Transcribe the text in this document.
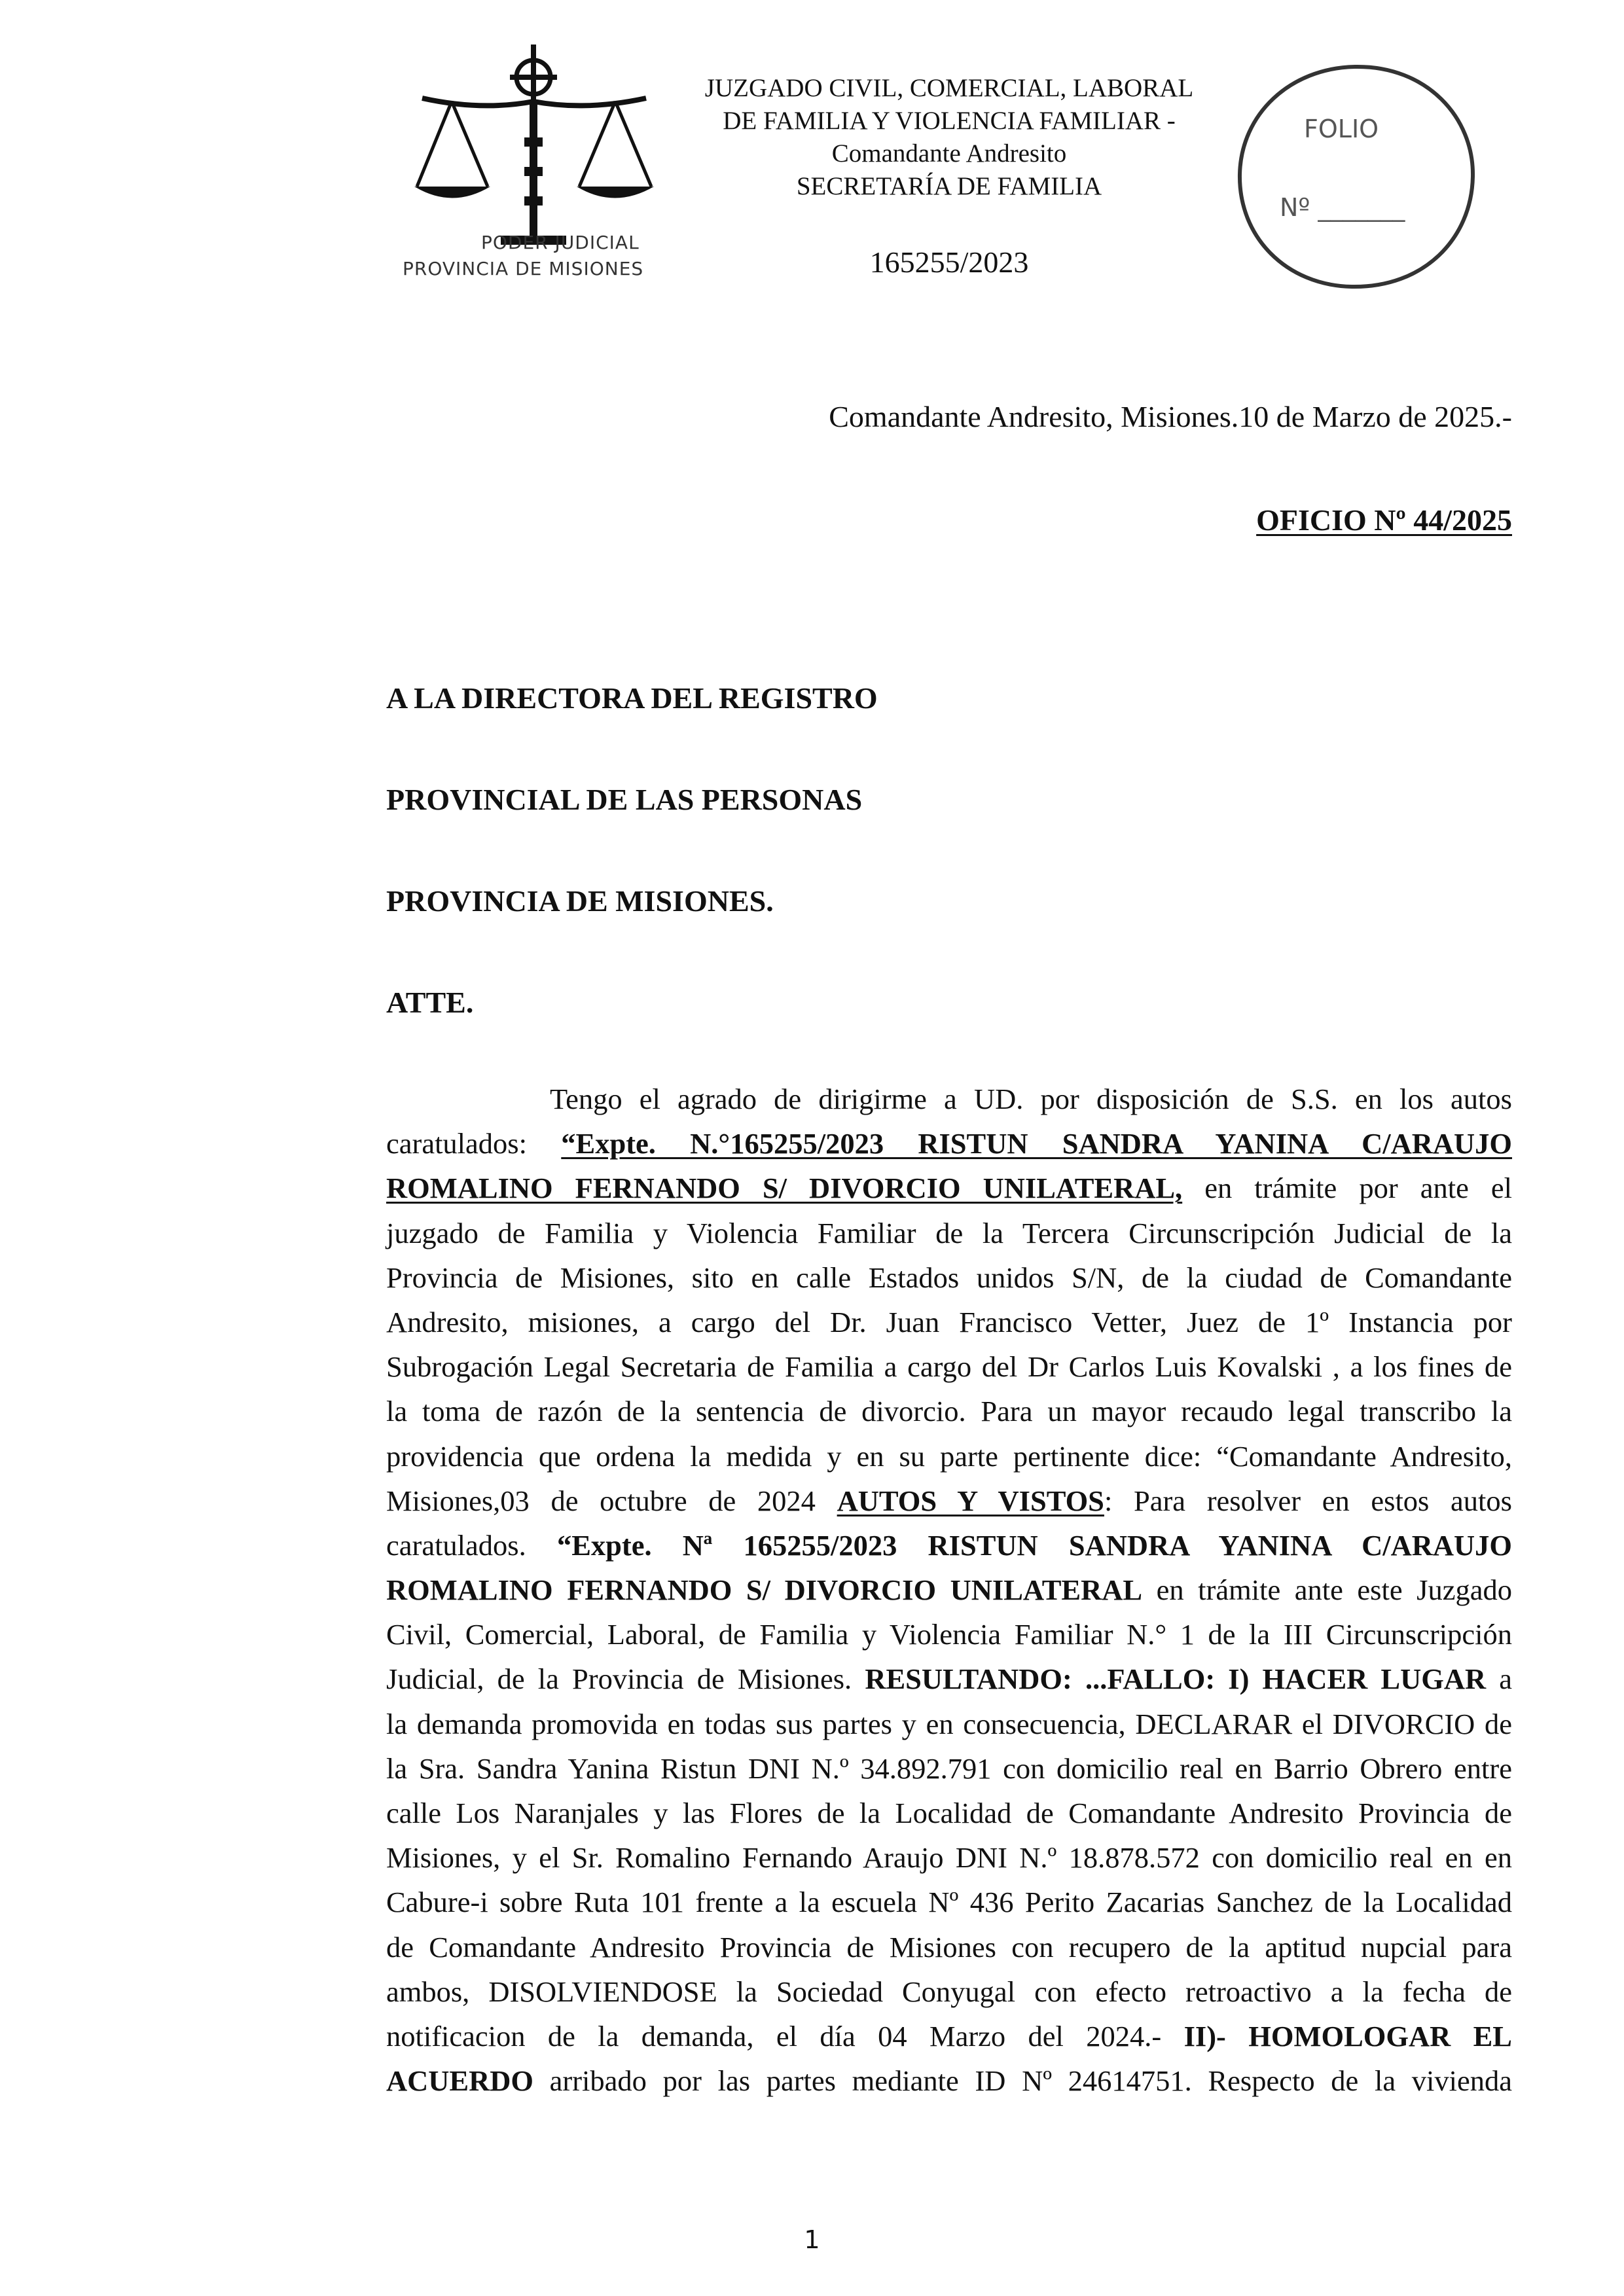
PODER JUDICIAL
PROVINCIA DE MISIONES
JUZGADO CIVIL, COMERCIAL, LABORAL
DE FAMILIA Y VIOLENCIA FAMILIAR -
Comandante Andresito
SECRETARÍA DE FAMILIA
165255/2023
FOLIO
Nº _______
Comandante Andresito, Misiones.10 de Marzo de 2025.-
OFICIO Nº 44/2025
A LA DIRECTORA DEL REGISTRO
PROVINCIAL DE LAS PERSONAS
PROVINCIA DE MISIONES.
ATTE.
Tengo el agrado de dirigirme a UD. por disposición de S.S. en los autos
caratulados: “Expte. N.°165255/2023 RISTUN SANDRA YANINA C/ARAUJO
ROMALINO FERNANDO S/ DIVORCIO UNILATERAL, en trámite por ante el
juzgado de Familia y Violencia Familiar de la Tercera Circunscripción Judicial de la
Provincia de Misiones, sito en calle Estados unidos S/N, de la ciudad de Comandante
Andresito, misiones, a cargo del Dr. Juan Francisco Vetter, Juez de 1º Instancia por
Subrogación Legal Secretaria de Familia a cargo del Dr Carlos Luis Kovalski , a los fines de
la toma de razón de la sentencia de divorcio. Para un mayor recaudo legal transcribo la
providencia que ordena la medida y en su parte pertinente dice: “Comandante Andresito,
Misiones,03 de octubre de 2024 AUTOS Y VISTOS: Para resolver en estos autos
caratulados. “Expte. Nª 165255/2023 RISTUN SANDRA YANINA C/ARAUJO
ROMALINO FERNANDO S/ DIVORCIO UNILATERAL en trámite ante este Juzgado
Civil, Comercial, Laboral, de Familia y Violencia Familiar N.° 1 de la III Circunscripción
Judicial, de la Provincia de Misiones. RESULTANDO: ...FALLO: I) HACER LUGAR a
la demanda promovida en todas sus partes y en consecuencia, DECLARAR el DIVORCIO de
la Sra. Sandra Yanina Ristun DNI N.º 34.892.791 con domicilio real en Barrio Obrero entre
calle Los Naranjales y las Flores de la Localidad de Comandante Andresito Provincia de
Misiones, y el Sr. Romalino Fernando Araujo DNI N.º 18.878.572 con domicilio real en en
Cabure-i sobre Ruta 101 frente a la escuela Nº 436 Perito Zacarias Sanchez de la Localidad
de Comandante Andresito Provincia de Misiones con recupero de la aptitud nupcial para
ambos, DISOLVIENDOSE la Sociedad Conyugal con efecto retroactivo a la fecha de
notificacion de la demanda, el día 04 Marzo del 2024.- II)- HOMOLOGAR EL
ACUERDO arribado por las partes mediante ID Nº 24614751. Respecto de la vivienda
1
